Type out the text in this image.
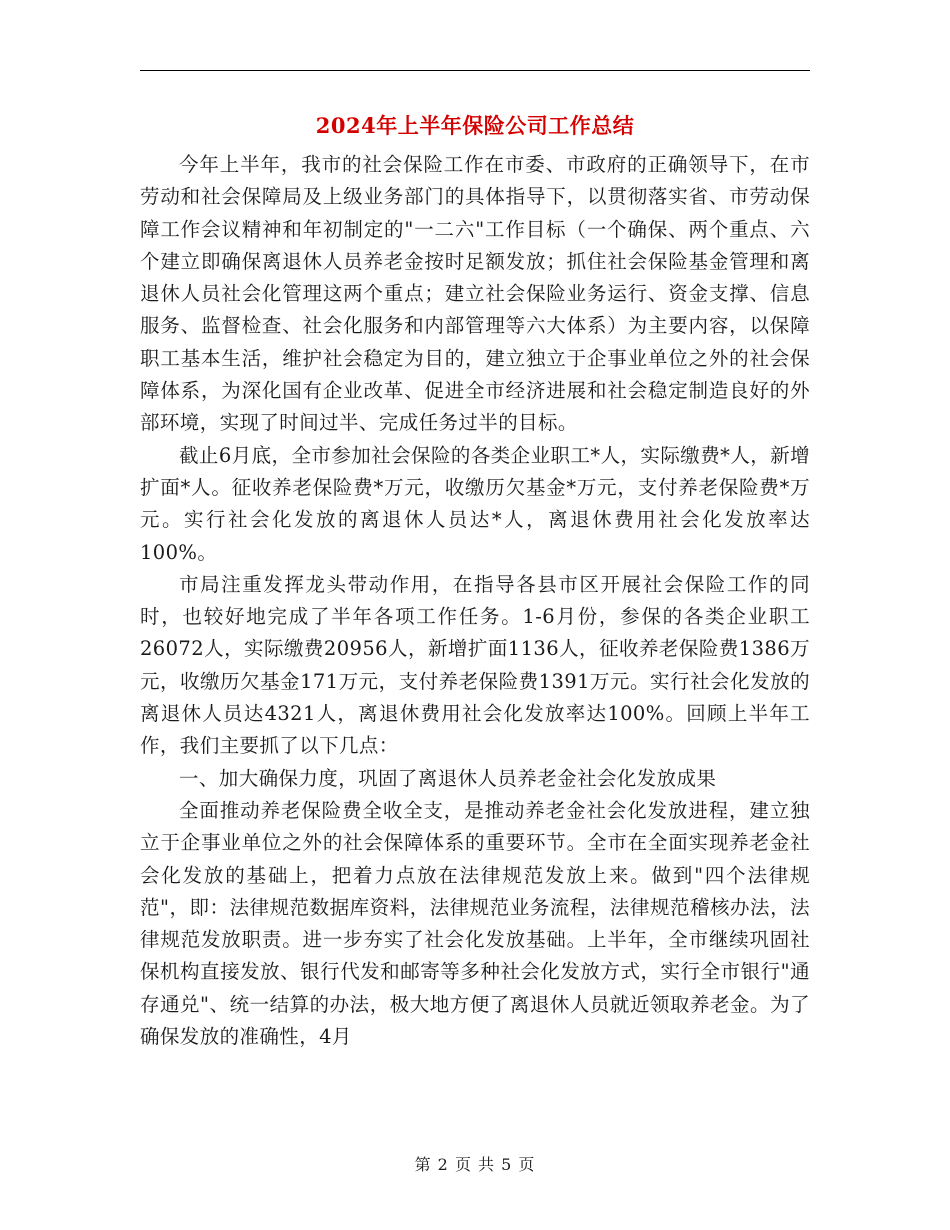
2024年上半年保险公司工作总结

今年上半年，我市的社会保险工作在市委、市政府的正确领导下，在市劳动和社会保障局及上级业务部门的具体指导下，以贯彻落实省、市劳动保障工作会议精神和年初制定的"一二六"工作目标（一个确保、两个重点、六个建立即确保离退休人员养老金按时足额发放；抓住社会保险基金管理和离退休人员社会化管理这两个重点；建立社会保险业务运行、资金支撑、信息服务、监督检查、社会化服务和内部管理等六大体系）为主要内容，以保障职工基本生活，维护社会稳定为目的，建立独立于企事业单位之外的社会保障体系，为深化国有企业改革、促进全市经济进展和社会稳定制造良好的外部环境，实现了时间过半、完成任务过半的目标。

截止6月底，全市参加社会保险的各类企业职工*人，实际缴费*人，新增扩面*人。征收养老保险费*万元，收缴历欠基金*万元，支付养老保险费*万元。实行社会化发放的离退休人员达*人，离退休费用社会化发放率达100%。

市局注重发挥龙头带动作用，在指导各县市区开展社会保险工作的同时，也较好地完成了半年各项工作任务。1-6月份，参保的各类企业职工26072人，实际缴费20956人，新增扩面1136人，征收养老保险费1386万元，收缴历欠基金171万元，支付养老保险费1391万元。实行社会化发放的离退休人员达4321人，离退休费用社会化发放率达100%。回顾上半年工作，我们主要抓了以下几点：

一、加大确保力度，巩固了离退休人员养老金社会化发放成果

全面推动养老保险费全收全支，是推动养老金社会化发放进程，建立独立于企事业单位之外的社会保障体系的重要环节。全市在全面实现养老金社会化发放的基础上，把着力点放在法律规范发放上来。做到"四个法律规范"，即：法律规范数据库资料，法律规范业务流程，法律规范稽核办法，法律规范发放职责。进一步夯实了社会化发放基础。上半年，全市继续巩固社保机构直接发放、银行代发和邮寄等多种社会化发放方式，实行全市银行"通存通兑"、统一结算的办法，极大地方便了离退休人员就近领取养老金。为了确保发放的准确性，4月

第 2 页 共 5 页
